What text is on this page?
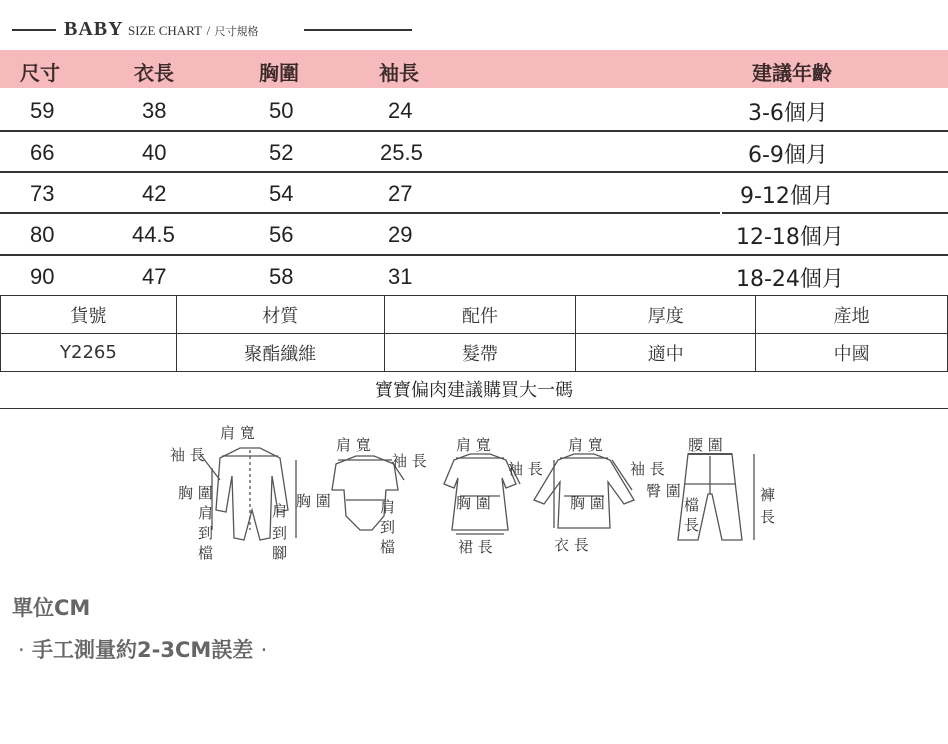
BABY SIZE CHART / 尺寸規格
尺寸	衣長	胸圍	袖長	建議年齡
59	38	50	24	3-6個月
66	40	52	25.5	6-9個月
73	42	54	27	9-12個月
80	44.5	56	29	12-18個月
90	47	58	31	18-24個月
貨號	材質	配件	厚度	產地
Y2265	聚酯纖維	髮帶	適中	中國
寶寶偏肉建議購買大一碼
肩 寬
袖 長
胸 圍
肩
到
檔
肩
到
腳
肩 寬
袖 長
胸 圍	肩
到
檔
肩 寬
袖 長
胸 圍
裙 長
肩 寬
袖 長
胸 圍
衣 長
腰 圍
臀 圍
檔
長
褲
長
單位CM
· 手工測量約2-3CM誤差 ·
